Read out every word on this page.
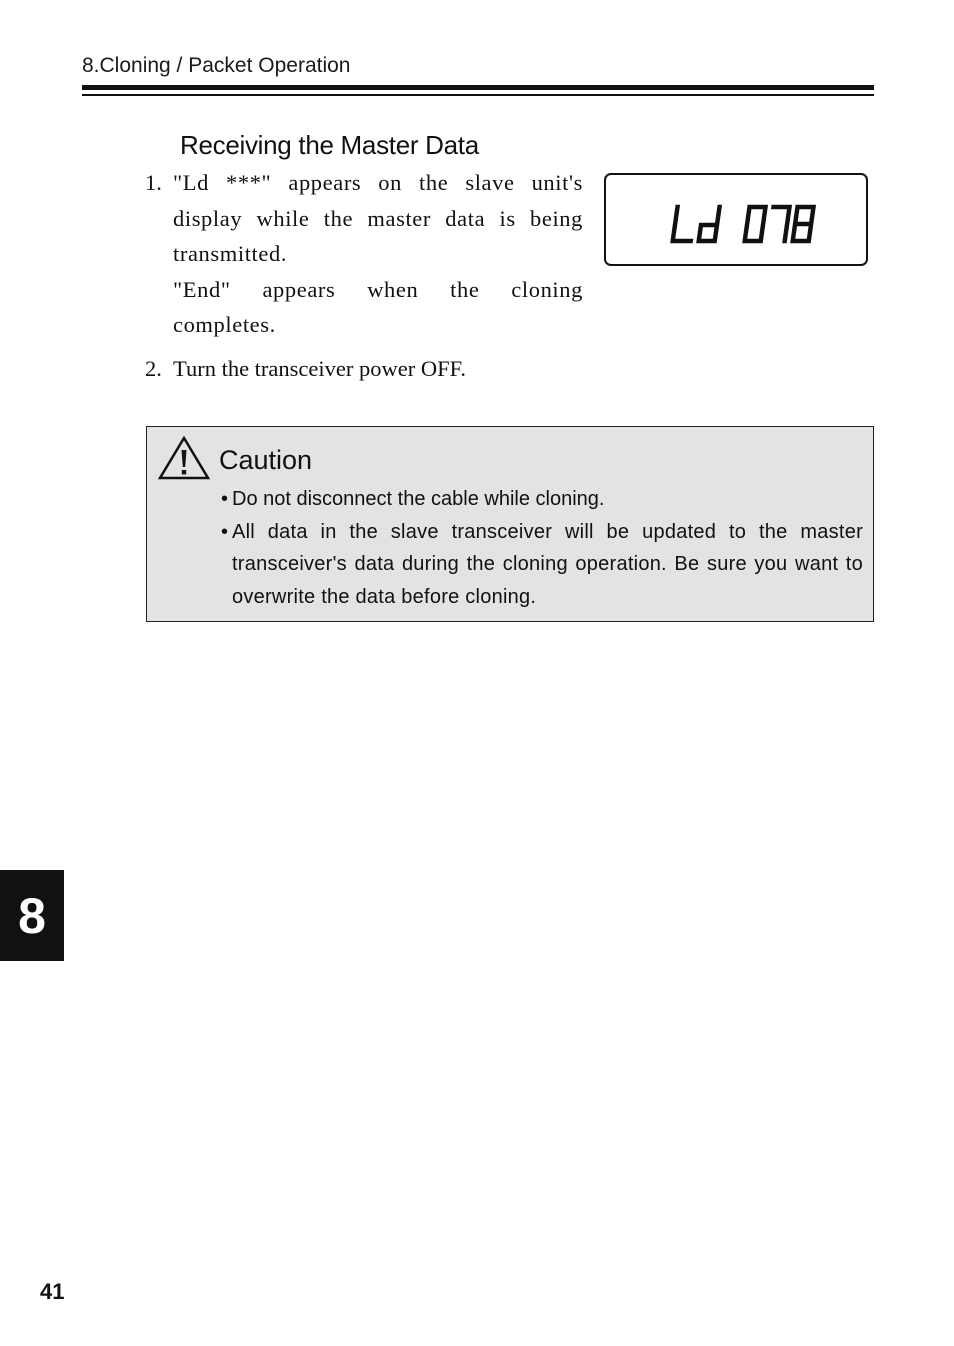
8.Cloning / Packet Operation
Receiving the Master Data
1. "Ld ***" appears on the slave unit's display while the master data is being transmitted.
"End" appears when the cloning completes.
2. Turn the transceiver power OFF.
Ld 078
Caution
• Do not disconnect the cable while cloning.
• All data in the slave transceiver will be updated to the master transceiver's data during the cloning operation. Be sure you want to overwrite the data before cloning.
8
41
